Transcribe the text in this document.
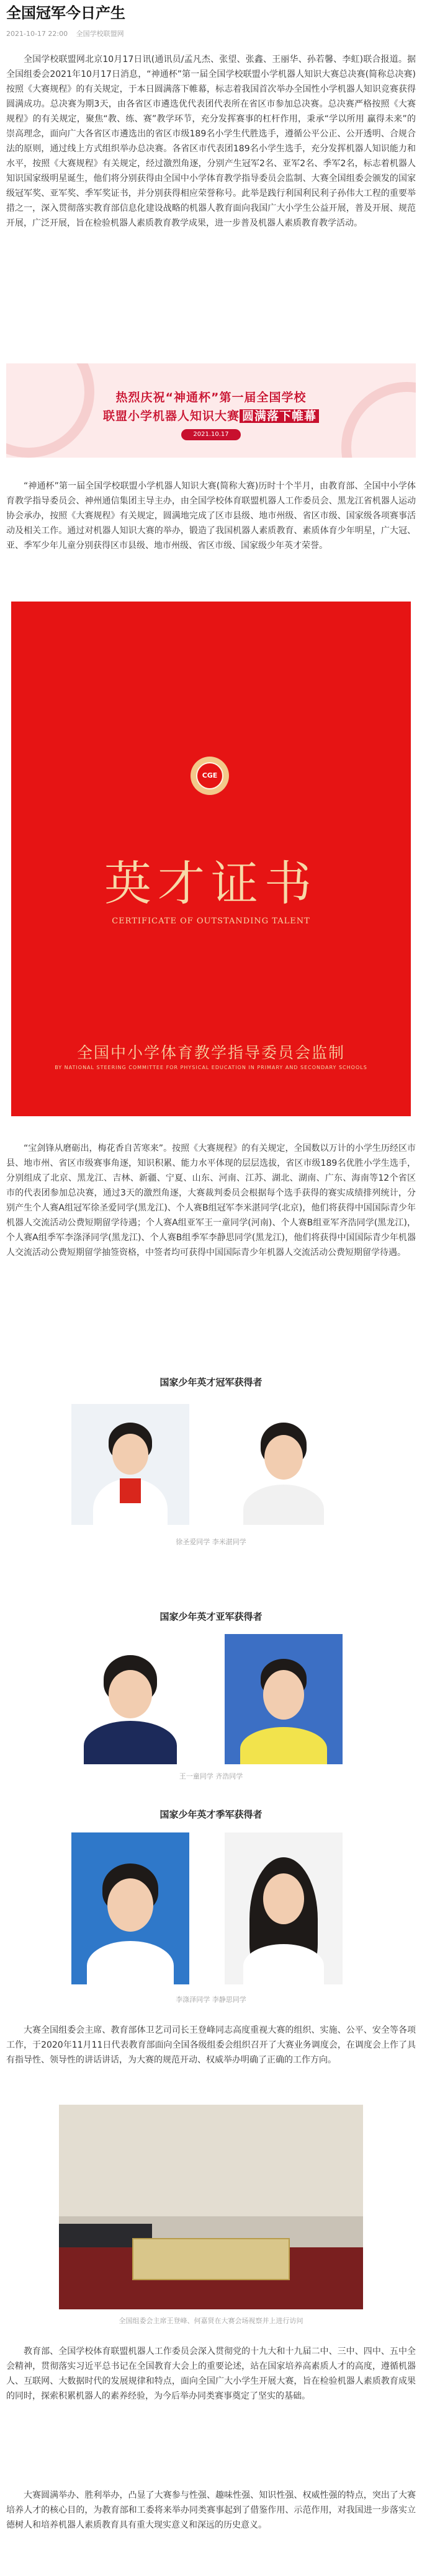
全国冠军今日产生
2021-10-17 22:00 全国学校联盟网

全国学校联盟网北京10月17日讯(通讯员/孟凡杰、张望、张鑫、王丽华、孙若馨、李虹)联合报道。据全国组委会2021年10月17日消息，“神通杯”第一届全国学校联盟小学机器人知识大赛总决赛(简称总决赛)按照《大赛规程》的有关规定，于本日圆满落下帷幕，标志着我国首次举办全国性小学机器人知识竞赛获得圆满成功。总决赛为期3天，由各省区市遴选优代表团代表所在省区市参加总决赛。总决赛严格按照《大赛规程》的有关规定，聚焦“教、练、赛”教学环节，充分发挥赛事的杠杆作用，秉承“学以所用 赢得未来”的崇高理念，面向广大各省区市遴选出的省区市级189名小学生代胜选手，遵循公平公正、公开透明、合规合法的原则，通过线上方式组织举办总决赛。各省区市代表团189名小学生选手，充分发挥机器人知识能力和水平，按照《大赛规程》有关规定，经过激烈角逐，分别产生冠军2名、亚军2名、季军2名，标志着机器人知识国家级明星诞生，他们将分别获得由全国中小学体育教学指导委员会监制、大赛全国组委会颁发的国家级冠军奖、亚军奖、季军奖证书，并分别获得相应荣誉称号。此举是践行利国利民利子孙伟大工程的重要举措之一，深入贯彻落实教育部信息化建设战略的机器人教育面向我国广大小学生公益开展，普及开展、规范开展，广泛开展，旨在检验机器人素质教育教学成果，进一步普及机器人素质教育教学活动。

热烈庆祝“神通杯”第一届全国学校
联盟小学机器人知识大赛 圆满落下帷幕
2021.10.17

“神通杯”第一届全国学校联盟小学机器人知识大赛(简称大赛)历时十个半月，由教育部、全国中小学体育教学指导委员会、神州通信集团主导主办，由全国学校体育联盟机器人工作委员会、黑龙江省机器人运动协会承办，按照《大赛规程》有关规定，圆满地完成了区市县级、地市州级、省区市级、国家级各项赛事活动及相关工作。通过对机器人知识大赛的举办，锻造了我国机器人素质教育、素质体育少年明星，广大冠、亚、季军少年儿童分别获得区市县级、地市州级、省区市级、国家级少年英才荣誉。

CGE
英才证书
CERTIFICATE OF OUTSTANDING TALENT
全国中小学体育教学指导委员会监制
BY NATIONAL STEERING COMMITTEE FOR PHYSICAL EDUCATION IN PRIMARY AND SECONDARY SCHOOLS

“宝剑锋从磨砺出，梅花香自苦寒来”。按照《大赛规程》的有关规定，全国数以万计的小学生历经区市县、地市州、省区市级赛事角逐，知识积累、能力水平体现的层层选拔，省区市级189名优胜小学生选手，分别组成了北京、黑龙江、吉林、新疆、宁夏、山东、河南、江苏、湖北、湖南、广东、海南等12个省区市的代表团参加总决赛，通过3天的激烈角逐，大赛裁判委员会根据每个选手获得的赛实成绩排列统计，分别产生个人赛A组冠军徐圣爱同学(黑龙江)、个人赛B组冠军李米湛同学(北京)，他们将获得中国国际青少年机器人交流活动公费短期留学待遇；个人赛A组亚军王一童同学(河南)、个人赛B组亚军齐浩同学(黑龙江)，个人赛A组季军李涤泽同学(黑龙江)、个人赛B组季军李静思同学(黑龙江)，他们将获得中国国际青少年机器人交流活动公费短期留学抽签资格，中签者均可获得中国国际青少年机器人交流活动公费短期留学待遇。

国家少年英才冠军获得者
徐圣爱同学 李米湛同学
国家少年英才亚军获得者
王一童同学 齐浩同学
国家少年英才季军获得者
李涤泽同学 李静思同学

大赛全国组委会主席、教育部体卫艺司司长王登峰同志高度重视大赛的组织、实施、公平、安全等各项工作，于2020年11月11日代表教育部面向全国各级组委会组织召开了大赛业务调度会，在调度会上作了具有指导性、领导性的讲话讲话，为大赛的规范开动、权威举办明确了正确的工作方向。

全国组委会主席王登峰、何嘉贤在大赛会场视察并上进行访问

教育部、全国学校体育联盟机器人工作委员会深入贯彻党的十九大和十九届二中、三中、四中、五中全会精神，贯彻落实习近平总书记在全国教育大会上的重要论述，站在国家培养高素质人才的高度，遵循机器人、互联网、大数据时代的发展规律和特点，面向全国广大小学生开展大赛，旨在检验机器人素质教育成果的同时，探索积累机器人的素养经验，为今后举办同类赛事奠定了坚实的基础。

大赛圆满举办、胜利举办，凸显了大赛参与性强、趣味性强、知识性强、权威性强的特点，突出了大赛培养人才的核心目的，为教育部和工委将来举办同类赛事起到了借鉴作用、示范作用，对我国进一步落实立德树人和培养机器人素质教育具有重大现实意义和深远的历史意义。
